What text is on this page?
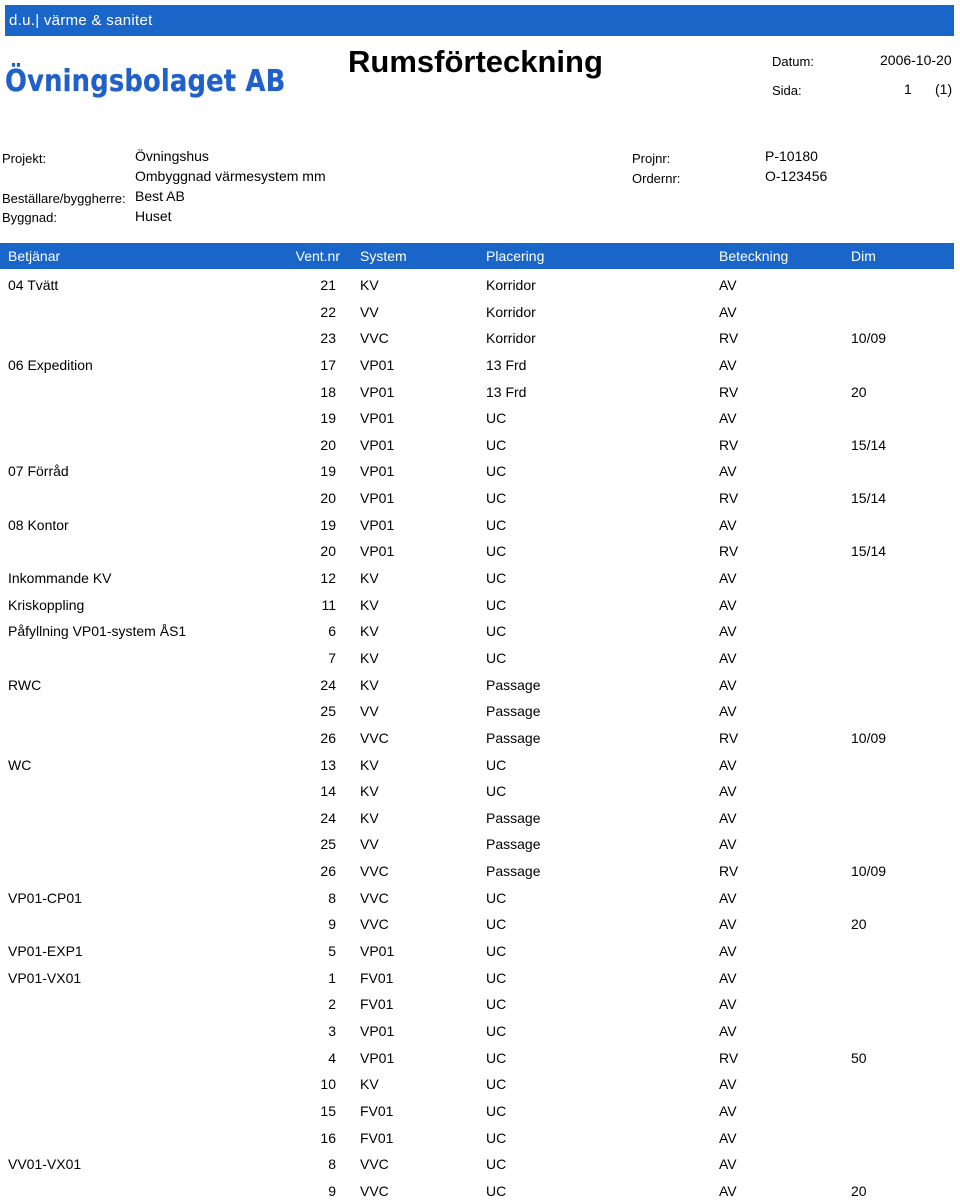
d.u.| värme & sanitet
Rumsförteckning
Övningsbolaget AB
Datum:	2006-10-20
Sida:	1 (1)
Projekt:	Övningshus
Ombyggnad värmesystem mm
Beställare/byggherre: Best AB
Byggnad:	Huset
Projnr:	P-10180
Ordernr:	O-123456
Betjänar	Vent.nr System	Placering	Beteckning	Dim
04 Tvätt	21 KV	Korridor	AV
22 VV	Korridor	AV
23 VVC	Korridor	RV	10/09
06 Expedition	17 VP01	13 Frd	AV
18 VP01	13 Frd	RV	20
19 VP01	UC	AV
20 VP01	UC	RV	15/14
07 Förråd	19 VP01	UC	AV
20 VP01	UC	RV	15/14
08 Kontor	19 VP01	UC	AV
20 VP01	UC	RV	15/14
Inkommande KV	12 KV	UC	AV
Kriskoppling	11 KV	UC	AV
Påfyllning VP01-system ÅS1	6 KV	UC	AV
7 KV	UC	AV
RWC	24 KV	Passage	AV
25 VV	Passage	AV
26 VVC	Passage	RV	10/09
WC	13 KV	UC	AV
14 KV	UC	AV
24 KV	Passage	AV
25 VV	Passage	AV
26 VVC	Passage	RV	10/09
VP01-CP01	8 VVC	UC	AV
9 VVC	UC	AV	20
VP01-EXP1	5 VP01	UC	AV
VP01-VX01	1 FV01	UC	AV
2 FV01	UC	AV
3 VP01	UC	AV
4 VP01	UC	RV	50
10 KV	UC	AV
15 FV01	UC	AV
16 FV01	UC	AV
VV01-VX01	8 VVC	UC	AV
9 VVC	UC	AV	20
